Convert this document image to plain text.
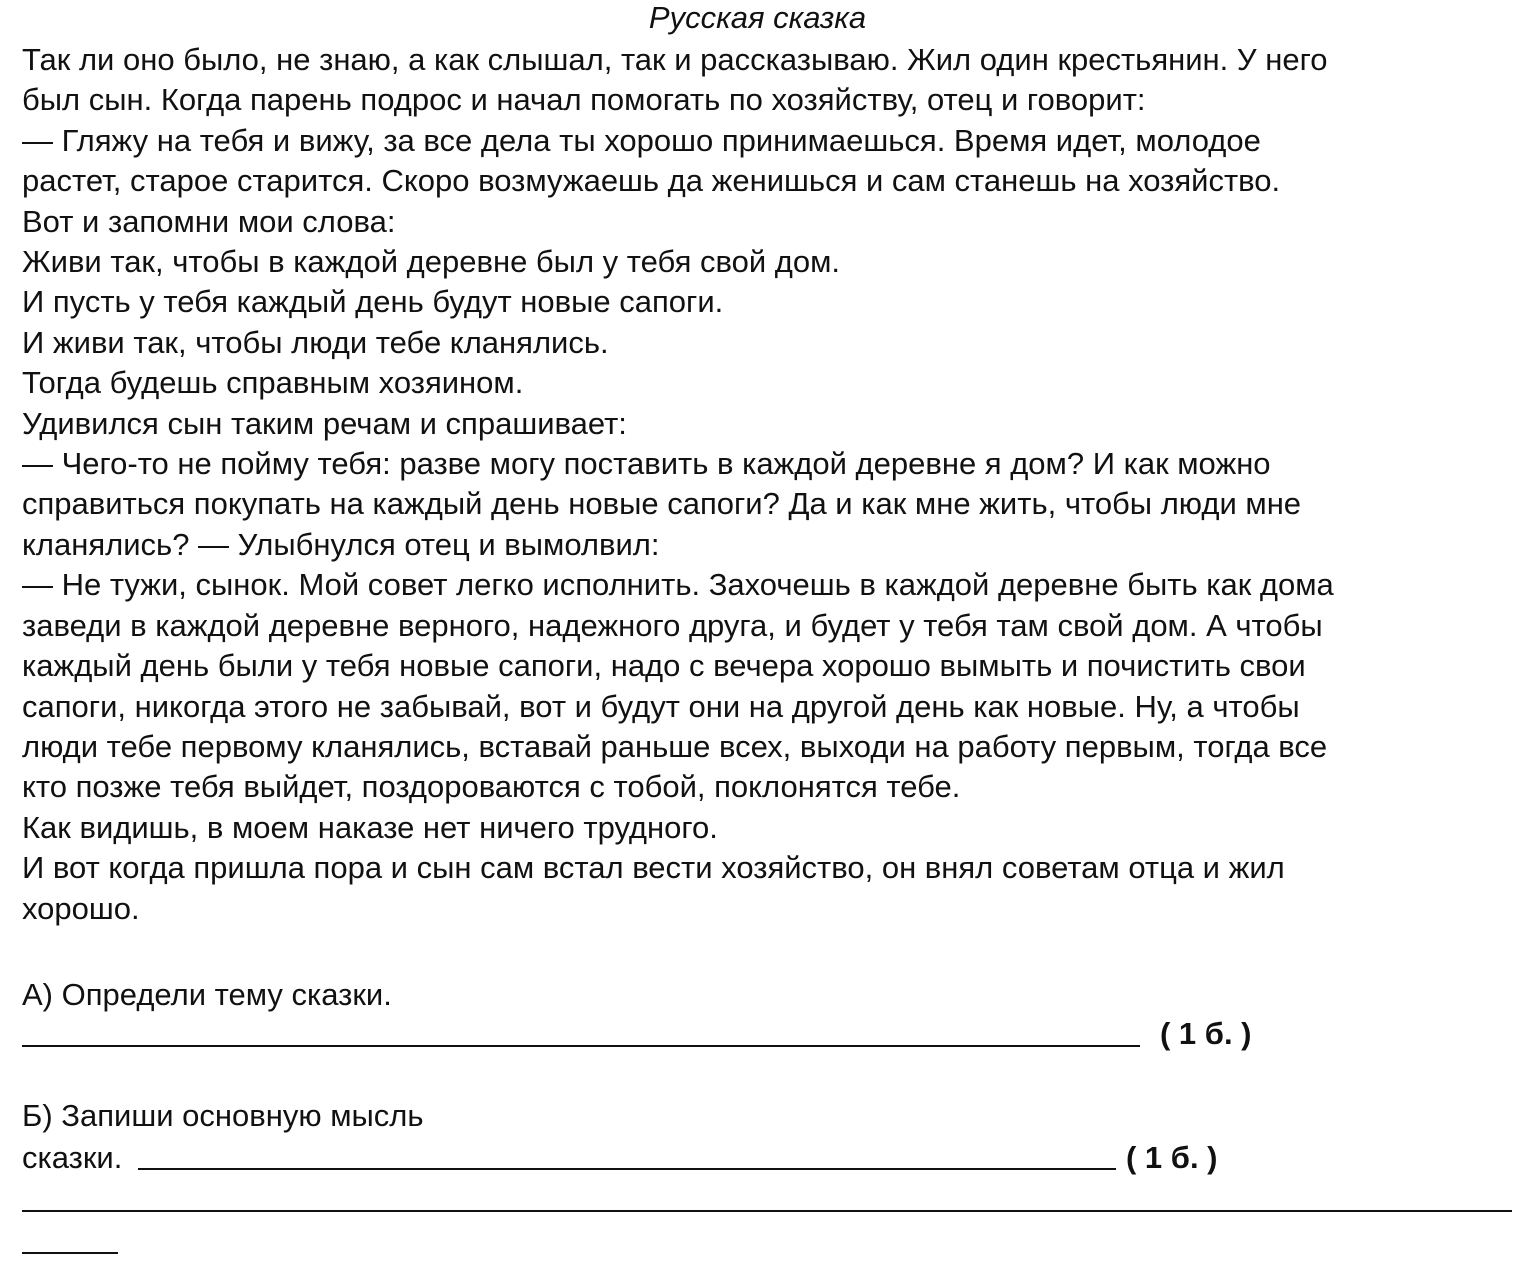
Русская сказка
Так ли оно было, не знаю, а как слышал, так и рассказываю. Жил один крестьянин. У него
был сын. Когда парень подрос и начал помогать по хозяйству, отец и говорит:
— Гляжу на тебя и вижу, за все дела ты хорошо принимаешься. Время идет, молодое
растет, старое старится. Скоро возмужаешь да женишься и сам станешь на хозяйство.
Вот и запомни мои слова:
Живи так, чтобы в каждой деревне был у тебя свой дом.
И пусть у тебя каждый день будут новые сапоги.
И живи так, чтобы люди тебе кланялись.
Тогда будешь справным хозяином.
Удивился сын таким речам и спрашивает:
— Чего-то не пойму тебя: разве могу поставить в каждой деревне я дом? И как можно
справиться покупать на каждый день новые сапоги? Да и как мне жить, чтобы люди мне
кланялись? — Улыбнулся отец и вымолвил:
— Не тужи, сынок. Мой совет легко исполнить. Захочешь в каждой деревне быть как дома
заведи в каждой деревне верного, надежного друга, и будет у тебя там свой дом. А чтобы
каждый день были у тебя новые сапоги, надо с вечера хорошо вымыть и почистить свои
сапоги, никогда этого не забывай, вот и будут они на другой день как новые. Ну, а чтобы
люди тебе первому кланялись, вставай раньше всех, выходи на работу первым, тогда все
кто позже тебя выйдет, поздороваются с тобой, поклонятся тебе.
Как видишь, в моем наказе нет ничего трудного.
И вот когда пришла пора и сын сам встал вести хозяйство, он внял советам отца и жил
хорошо.
А) Определи тему сказки.
( 1 б. )
Б) Запиши основную мысль
сказки.	( 1 б. )
